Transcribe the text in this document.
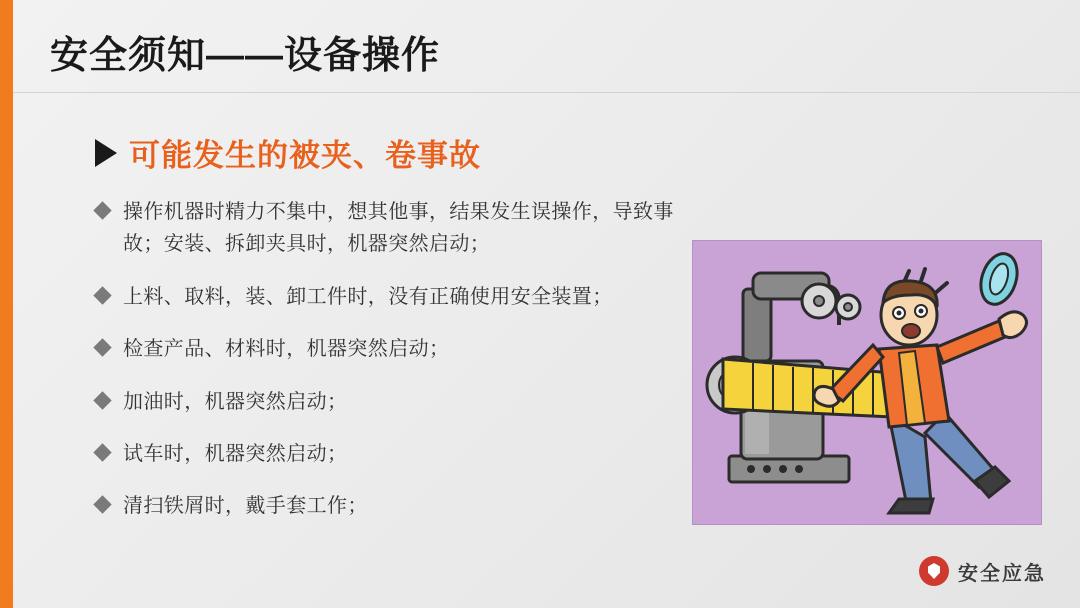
安全须知——设备操作
可能发生的被夹、卷事故
操作机器时精力不集中，想其他事，结果发生误操作，导致事故；安装、拆卸夹具时，机器突然启动；
上料、取料，装、卸工件时，没有正确使用安全装置；
检查产品、材料时，机器突然启动；
加油时，机器突然启动；
试车时，机器突然启动；
清扫铁屑时，戴手套工作；
安全应急
